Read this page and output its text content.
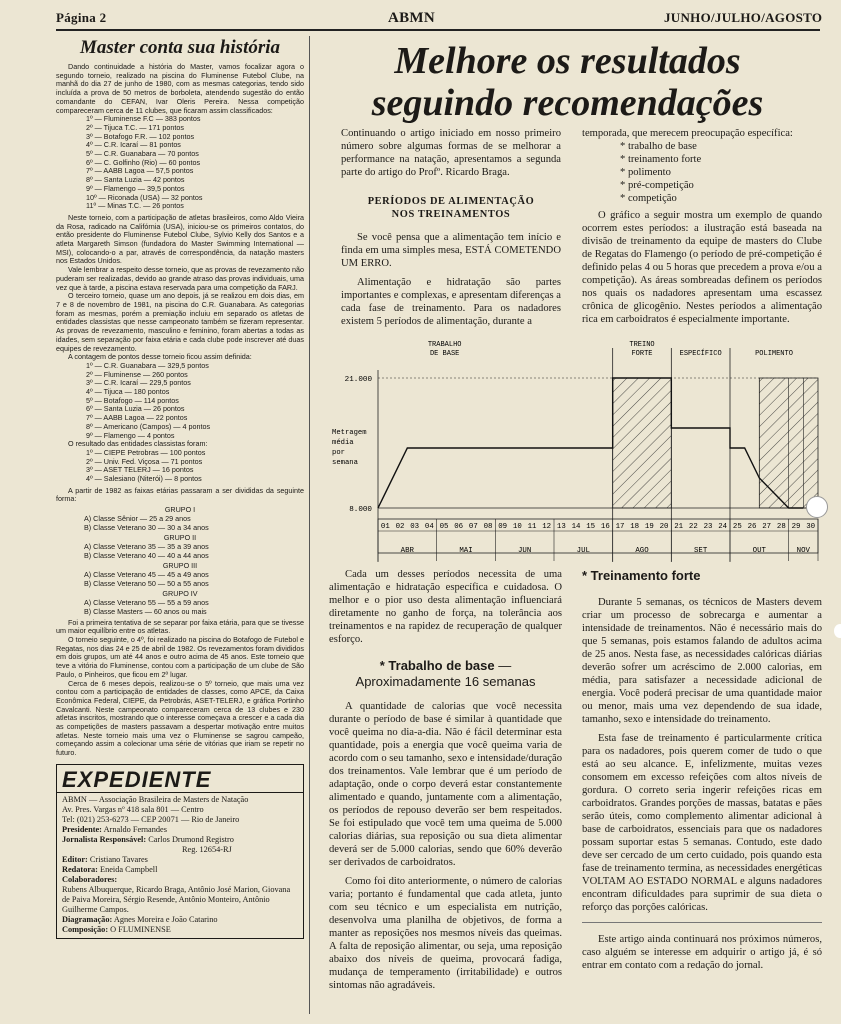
Página 2	ABMN	JUNHO/JULHO/AGOSTO
Master conta sua história

Dando continuidade a história do Master, vamos focalizar agora o segundo torneio, realizado na piscina do Fluminense Futebol Clube, na manhã do dia 27 de junho de 1980, com as mesmas categorias, tendo sido incluída a prova de 50 metros de borboleta, atendendo sugestão do então comandante do CEFAN, Ivar Oleris Pereira. Nessa competição compareceram cerca de 11 clubes, que ficaram assim classificados:

1º — Fluminense F.C — 383 pontos
2º — Tijuca T.C. — 171 pontos
3º — Botafogo F.R. — 102 pontos
4º — C.R. Icaraí — 81 pontos
5º — C.R. Guanabara — 70 pontos
6º — C. Golfinho (Rio) — 60 pontos
7º — AABB Lagoa — 57,5 pontos
8º — Santa Luzia — 42 pontos
9º — Flamengo — 39,5 pontos
10º — Riconada (USA) — 32 pontos
11º — Minas T.C. — 26 pontos

Neste torneio, com a participação de atletas brasileiros, como Aldo Vieira da Rosa, radicado na Califórnia (USA), iniciou-se os primeiros contatos, do então presidente do Fluminense Futebol Clube, Sylvio Kelly dos Santos e a atleta Margareth Simson (fundadora do Master Swimming International — MSI), colocando-o a par, através de correspondência, da natação masters nos Estados Unidos.

Vale lembrar a respeito desse torneio, que as provas de revezamento não puderam ser realizadas, devido ao grande atraso das provas individuais, uma vez que à tarde, a piscina estava reservada para uma competição da FARJ.

O terceiro torneio, quase um ano depois, já se realizou em dois dias, em 7 e 8 de novembro de 1981, na piscina do C.R. Guanabara. As categorias foram as mesmas, porém a premiação incluiu em separado os atletas de entidades classistas que nesse campeonato também se fizeram representar. As provas de revezamento, masculino e feminino, foram abertas a todas as idades, sem separação por faixa etária e cada clube pode inscrever até duas equipes de revezamento.

A contagem de pontos desse torneio ficou assim definida:

1º — C.R. Guanabara — 329,5 pontos
2º — Fluminense — 260 pontos
3º — C.R. Icaraí — 229,5 pontos
4º — Tijuca — 180 pontos
5º — Botafogo — 114 pontos
6º — Santa Luzia — 26 pontos
7º — AABB Lagoa — 22 pontos
8º — Americano (Campos) — 4 pontos
9º — Flamengo — 4 pontos

O resultado das entidades classistas foram:

1º — CIEPE Petrobras — 100 pontos
2º — Univ. Fed. Viçosa — 71 pontos
3º — ASET TELERJ — 16 pontos
4º — Salesiano (Niterói) — 8 pontos

A partir de 1982 as faixas etárias passaram a ser divididas da seguinte forma:

GRUPO I
A) Classe Sênior — 25 a 29 anos
B) Classe Veterano 30 — 30 a 34 anos
GRUPO II
A) Classe Veterano 35 — 35 a 39 anos
B) Classe Veterano 40 — 40 a 44 anos
GRUPO III
A) Classe Veterano 45 — 45 a 49 anos
B) Classe Veterano 50 — 50 a 55 anos
GRUPO IV
A) Classe Veterano 55 — 55 a 59 anos
B) Classe Masters — 60 anos ou mais

Foi a primeira tentativa de se separar por faixa etária, para que se tivesse um maior equilíbrio entre os atletas.

O torneio seguinte, o 4º, foi realizado na piscina do Botafogo de Futebol e Regatas, nos dias 24 e 25 de abril de 1982. Os revezamentos foram divididos em dois grupos, um até 44 anos e outro acima de 45 anos. Este torneio que teve a vitória do Fluminense, contou com a participação de um clube de São Paulo, o Pinheiros, que ficou em 2º lugar.

Cerca de 6 meses depois, realizou-se o 5º torneio, que mais uma vez contou com a participação de entidades de classes, como APCE, da Caixa Econômica Federal, CIEPE, da Petrobrás, ASET-TELERJ, e gráfica Portinho Cavalcanti. Neste campeonato compareceram cerca de 13 clubes e 230 atletas inscritos, mostrando que o interesse começava a crescer e a cada dia as competições de masters passavam a despertar motivação entre muitos atletas. Neste torneio mais uma vez o Fluminense se sagrou campeão, começando assim a colecionar uma série de vitórias que iriam se repetir no futuro.

EXPEDIENTE
ABMN — Associação Brasileira de Masters de Natação
Av. Pres. Vargas nº 418 sala 801 — Centro
Tel: (021) 253-6273 — CEP 20071 — Rio de Janeiro
Presidente: Arnaldo Fernandes
Jornalista Responsável: Carlos Drumond Registro
Reg. 12654-RJ
Editor: Cristiano Tavares
Redatora: Eneida Campbell
Colaboradores:
Rubens Albuquerque, Ricardo Braga, Antônio José Marion, Giovana de Paiva Moreira, Sérgio Resende, Antônio Monteiro, Antônio Guilherme Campos.
Diagramação: Agnes Moreira e João Catarino
Composição: O FLUMINENSE
Melhore os resultados
seguindo recomendações

Continuando o artigo iniciado em nosso primeiro número sobre algumas formas de se melhorar a performance na natação, apresentamos a segunda parte do artigo do Profº. Ricardo Braga.

PERÍODOS DE ALIMENTAÇÃO
NOS TREINAMENTOS

Se você pensa que a alimentação tem início e finda em uma simples mesa, ESTÁ COMETENDO UM ERRO.

Alimentação e hidratação são partes importantes e complexas, e apresentam diferenças a cada fase de treinamento. Para os nadadores existem 5 períodos de alimentação, durante a

temporada, que merecem preocupação específica:

* trabalho de base
* treinamento forte
* polimento
* pré-competição
* competição

O gráfico a seguir mostra um exemplo de quando ocorrem estes períodos: a ilustração está baseada na divisão de treinamento da equipe de masters do Clube de Regatas do Flamengo (o período de pré-competição é definido pelas 4 ou 5 horas que precedem a prova e/ou a competição). As áreas sombreadas definem os períodos nos quais os nadadores apresentam uma escassez crônica de glicogênio. Nestes períodos a alimentação rica em carboidratos é especialmente importante.

01 02 03 04 05 06 07 08 09 10 11 12 13 14 15 16 17 18 19 20 21 22 23 24 25 26 27 28 29 30
ABR	MAI	JUN	JUL	AGO	SET	OUT	NOV
21.000
8.000
Metragem
média
por
semana
TRABALHO
DE BASE
TREINO
FORTE	ESPECÍFICO	POLIMENTO

Cada um desses períodos necessita de uma alimentação e hidratação específica e cuidadosa. O melhor e o pior uso desta alimentação influenciará diretamente no ganho de força, na tolerância aos treinamentos e na rapidez de recuperação de qualquer esforço.

* Trabalho de base — Aproximadamente 16 semanas

A quantidade de calorias que você necessita durante o período de base é similar à quantidade que você queima no dia-a-dia. Não é fácil determinar esta quantidade, pois a energia que você queima varia de acordo com o seu tamanho, sexo e intensidade/duração dos treinamentos. Vale lembrar que é um período de adaptação, onde o corpo deverá estar constantemente alimentado e quando, juntamente com a alimentação, os períodos de repouso deverão ser bem respeitados. Se foi estipulado que você tem uma queima de 5.000 calorias diárias, sua reposição ou sua dieta alimentar deverá ser de 5.000 calorias, sendo que 60% deverão ser derivados de carboidratos.

Como foi dito anteriormente, o número de calorias varia; portanto é fundamental que cada atleta, junto com seu técnico e um especialista em nutrição, desenvolva uma planilha de objetivos, de forma a manter as reposições nos mesmos níveis das queimas. A falta de reposição alimentar, ou seja, uma reposição abaixo dos níveis de queima, provocará fadiga, mudança de temperamento (irritabilidade) e outros sintomas não agradáveis.

* Treinamento forte

Durante 5 semanas, os técnicos de Masters devem criar um processo de sobrecarga e aumentar a intensidade de treinamentos. Não é necessário mais do que 5 semanas, pois estamos falando de adultos acima de 25 anos. Nesta fase, as necessidades calóricas diárias deverão sofrer um acréscimo de 2.000 calorias, em média, para satisfazer a necessidade adicional de energia. Você poderá precisar de uma quantidade maior ou menor, mais uma vez dependendo de sua idade, tamanho, sexo e intensidade do treinamento.

Esta fase de treinamento é particularmente crítica para os nadadores, pois querem comer de tudo o que está ao seu alcance. E, infelizmente, muitas vezes consomem em excesso refeições com altos níveis de gordura. O correto seria ingerir refeições ricas em carboidratos. Grandes porções de massas, batatas e pães serão úteis, como complemento alimentar adicional à base de carboidratos, essenciais para que os nadadores possam suportar estas 5 semanas. Contudo, este dado deve ser cercado de um certo cuidado, pois quando esta fase de treinamento termina, as necessidades energéticas VOLTAM AO ESTADO NORMAL e alguns nadadores encontram dificuldades para suprimir de sua dieta o reforço das porções calóricas.

Este artigo ainda continuará nos próximos números, caso alguém se interesse em adquirir o artigo já, é só entrar em contato com a redação do jornal.
